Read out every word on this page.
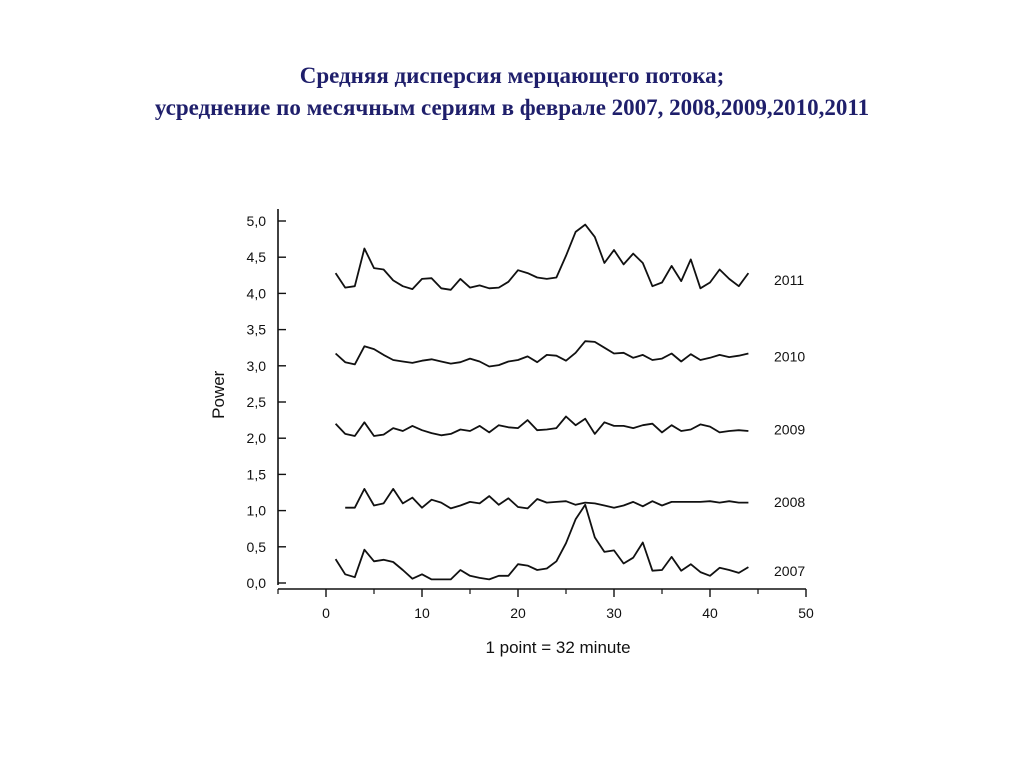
Средняя дисперсия мерцающего потока;
усреднение по месячным сериям в феврале 2007, 2008,2009,2010,2011
0,0
0,5
1,0
1,5
2,0
2,5
3,0
3,5
4,0
4,5
5,0
0	10	20	30	40	50
2011
2010
2009
2008
2007
Power
1 point = 32 minute
